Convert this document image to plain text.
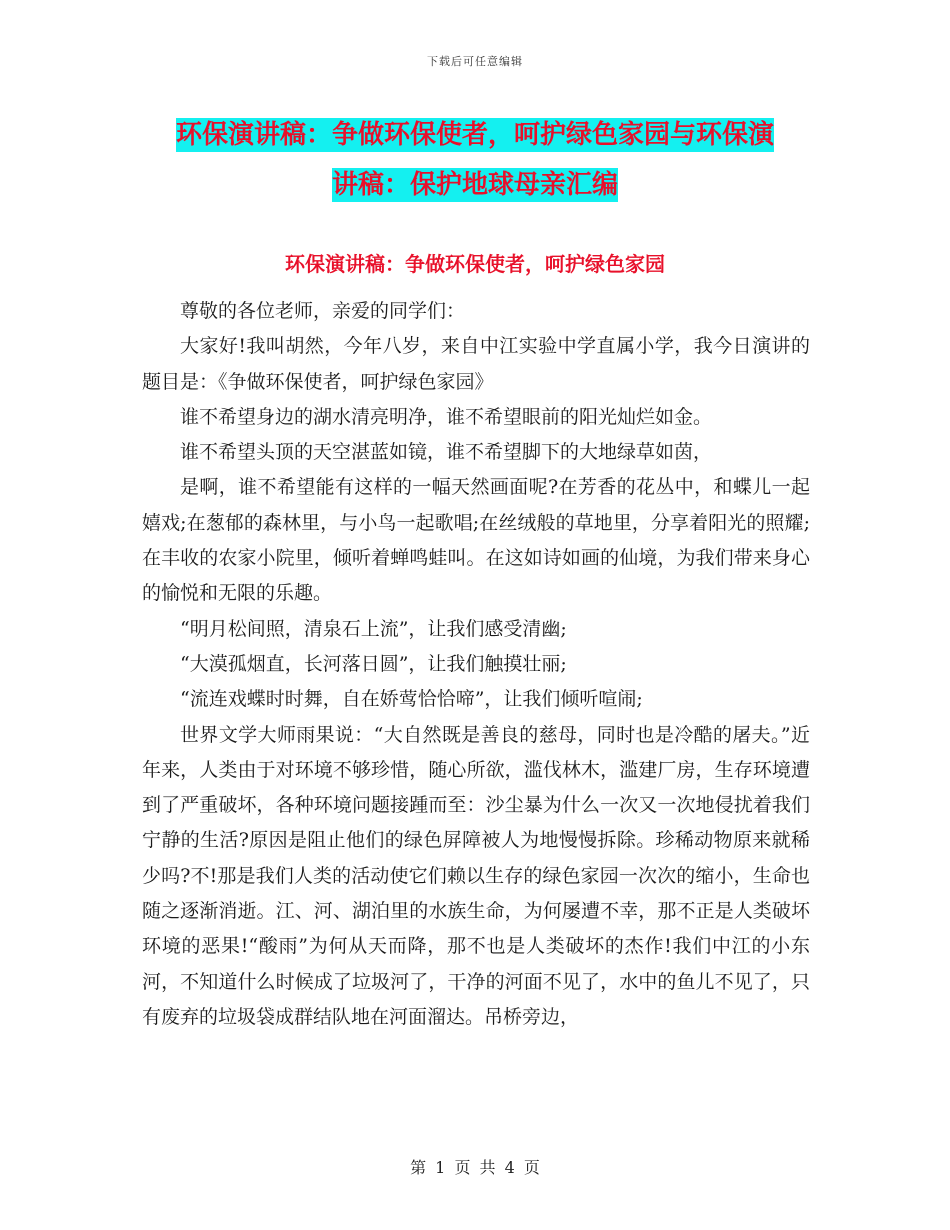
下载后可任意编辑
环保演讲稿：争做环保使者，呵护绿色家园与环保演
讲稿：保护地球母亲汇编
环保演讲稿：争做环保使者，呵护绿色家园

尊敬的各位老师，亲爱的同学们：

大家好!我叫胡然，今年八岁，来自中江实验中学直属小学，我今日演讲的题目是：《争做环保使者，呵护绿色家园》

谁不希望身边的湖水清亮明净，谁不希望眼前的阳光灿烂如金。

谁不希望头顶的天空湛蓝如镜，谁不希望脚下的大地绿草如茵，

是啊，谁不希望能有这样的一幅天然画面呢?在芳香的花丛中，和蝶儿一起嬉戏;在葱郁的森林里，与小鸟一起歌唱;在丝绒般的草地里，分享着阳光的照耀;在丰收的农家小院里，倾听着蝉鸣蛙叫。在这如诗如画的仙境，为我们带来身心的愉悦和无限的乐趣。

“明月松间照，清泉石上流”，让我们感受清幽;

“大漠孤烟直，长河落日圆”，让我们触摸壮丽;

“流连戏蝶时时舞，自在娇莺恰恰啼”，让我们倾听喧闹;

世界文学大师雨果说：“大自然既是善良的慈母，同时也是冷酷的屠夫。”近年来，人类由于对环境不够珍惜，随心所欲，滥伐林木，滥建厂房，生存环境遭到了严重破坏，各种环境问题接踵而至：沙尘暴为什么一次又一次地侵扰着我们宁静的生活?原因是阻止他们的绿色屏障被人为地慢慢拆除。珍稀动物原来就稀少吗?不!那是我们人类的活动使它们赖以生存的绿色家园一次次的缩小，生命也随之逐渐消逝。江、河、湖泊里的水族生命，为何屡遭不幸，那不正是人类破坏环境的恶果!“酸雨”为何从天而降，那不也是人类破坏的杰作!我们中江的小东河，不知道什么时候成了垃圾河了，干净的河面不见了，水中的鱼儿不见了，只有废弃的垃圾袋成群结队地在河面溜达。吊桥旁边，

第 1 页 共 4 页
